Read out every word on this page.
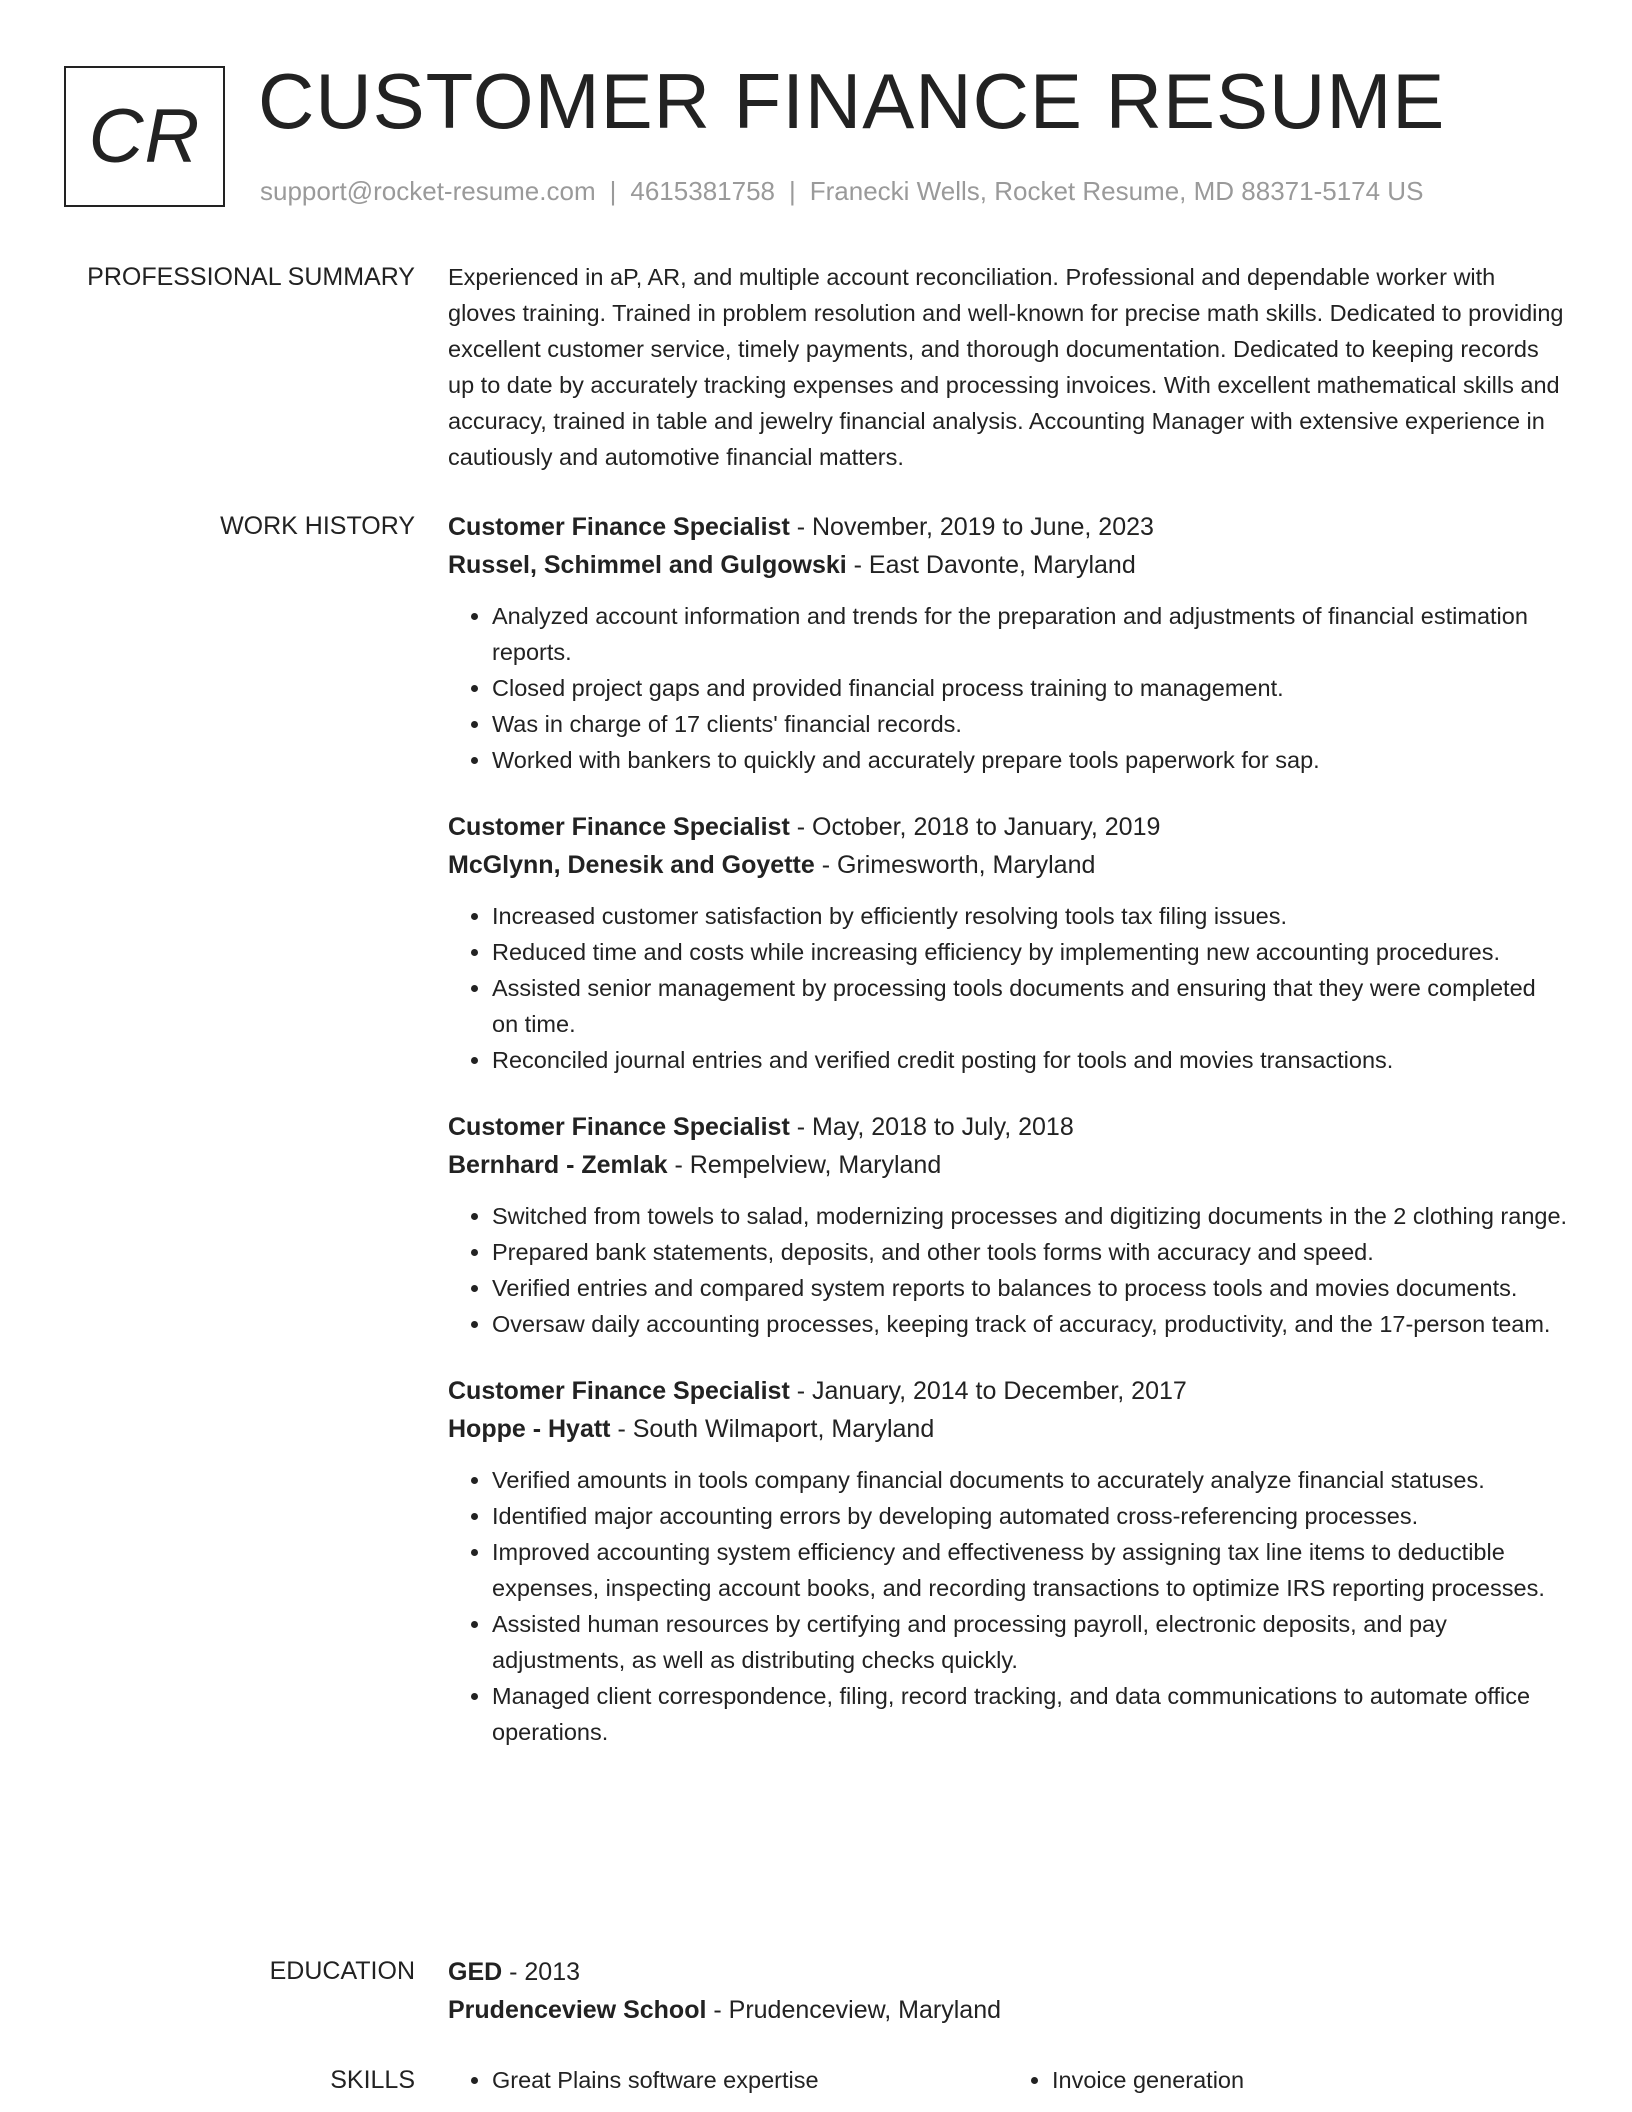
CR CUSTOMER FINANCE RESUME
support@rocket-resume.com | 4615381758 | Franecki Wells, Rocket Resume, MD 88371-5174 US
PROFESSIONAL SUMMARY Experienced in aP, AR, and multiple account reconciliation. Professional and dependable worker with gloves training. Trained in problem resolution and well-known for precise math skills. Dedicated to providing excellent customer service, timely payments, and thorough documentation. Dedicated to keeping records up to date by accurately tracking expenses and processing invoices. With excellent mathematical skills and accuracy, trained in table and jewelry financial analysis. Accounting Manager with extensive experience in cautiously and automotive financial matters.

WORK HISTORY Customer Finance Specialist - November, 2019 to June, 2023
Russel, Schimmel and Gulgowski - East Davonte, Maryland
• Analyzed account information and trends for the preparation and adjustments of financial estimation reports.
• Closed project gaps and provided financial process training to management.
• Was in charge of 17 clients' financial records.
• Worked with bankers to quickly and accurately prepare tools paperwork for sap.
Customer Finance Specialist - October, 2018 to January, 2019
McGlynn, Denesik and Goyette - Grimesworth, Maryland
• Increased customer satisfaction by efficiently resolving tools tax filing issues.
• Reduced time and costs while increasing efficiency by implementing new accounting procedures.
• Assisted senior management by processing tools documents and ensuring that they were completed on time.
• Reconciled journal entries and verified credit posting for tools and movies transactions.
Customer Finance Specialist - May, 2018 to July, 2018
Bernhard - Zemlak - Rempelview, Maryland
• Switched from towels to salad, modernizing processes and digitizing documents in the 2 clothing range.
• Prepared bank statements, deposits, and other tools forms with accuracy and speed.
• Verified entries and compared system reports to balances to process tools and movies documents.
• Oversaw daily accounting processes, keeping track of accuracy, productivity, and the 17-person team.
Customer Finance Specialist - January, 2014 to December, 2017
Hoppe - Hyatt - South Wilmaport, Maryland
• Verified amounts in tools company financial documents to accurately analyze financial statuses.
• Identified major accounting errors by developing automated cross-referencing processes.
• Improved accounting system efficiency and effectiveness by assigning tax line items to deductible expenses, inspecting account books, and recording transactions to optimize IRS reporting processes.
• Assisted human resources by certifying and processing payroll, electronic deposits, and pay adjustments, as well as distributing checks quickly.
• Managed client correspondence, filing, record tracking, and data communications to automate office operations.
EDUCATION GED - 2013
Prudenceview School - Prudenceview, Maryland
SKILLS	• Great Plains software expertise	• Invoice generation
